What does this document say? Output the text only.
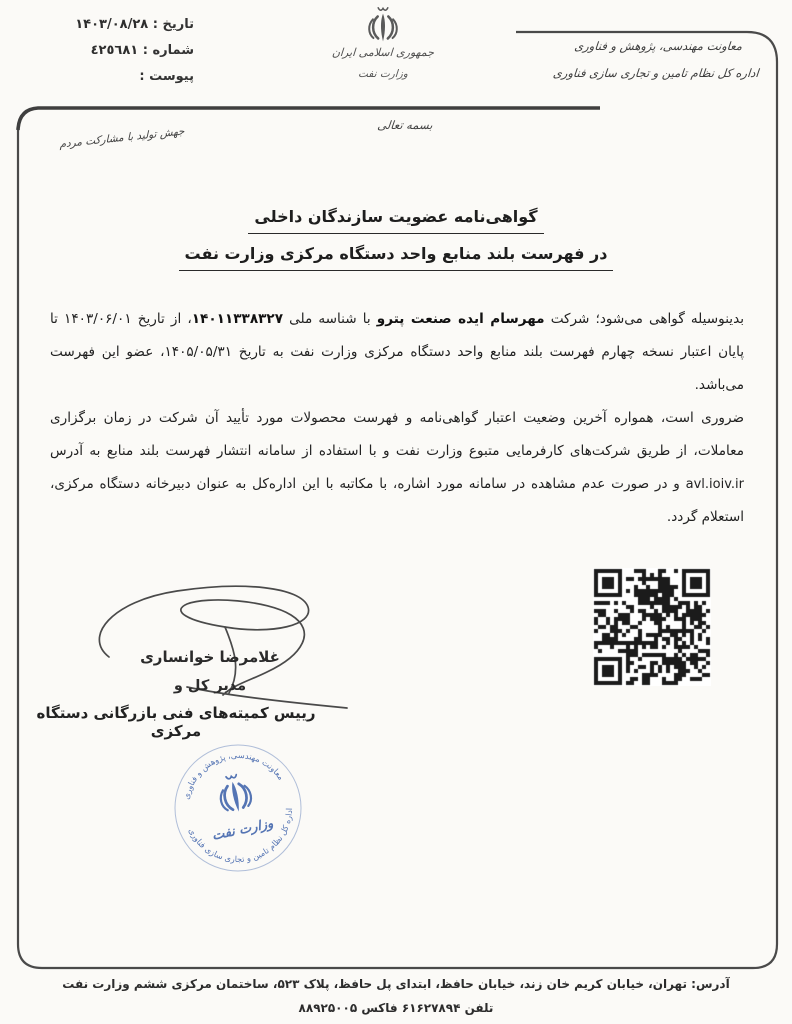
تاریخ : ۱۴۰۳/۰۸/۲۸
شماره : ٤٢٥٦٨١
پیوست :
جمهوری اسلامی ایران
وزارت نفت
معاونت مهندسی، پژوهش و فناوری
اداره کل نظام تامین و تجاری سازی فناوری
بسمه تعالی
جهش تولید با مشارکت مردم
گواهی‌نامه عضویت سازندگان داخلی
در فهرست بلند منابع واحد دستگاه مرکزی وزارت نفت

بدینوسیله گواهی می‌شود؛ شرکت مهرسام ایده صنعت پترو با شناسه ملی ۱۴۰۱۱۳۳۸۳۲۷، از تاریخ ۱۴۰۳/۰۶/۰۱ تا پایان اعتبار نسخه چهارم فهرست بلند منابع واحد دستگاه مرکزی وزارت نفت به تاریخ ۱۴۰۵/۰۵/۳۱، عضو این فهرست می‌باشد.

ضروری است، همواره آخرین وضعیت اعتبار گواهی‌نامه و فهرست محصولات مورد تأیید آن شرکت در زمان برگزاری معاملات، از طریق شرکت‌های کارفرمایی متبوع وزارت نفت و با استفاده از سامانه انتشار فهرست بلند منابع به آدرس avl.ioiv.ir و در صورت عدم مشاهده در سامانه مورد اشاره، با مکاتبه با این اداره‌کل به عنوان دبیرخانه دستگاه مرکزی، استعلام گردد.

غلامرضا خوانساری
مدیر کل و
رییس کمیته‌های فنی بازرگانی دستگاه مرکزی
معاونت مهندسی، پژوهش و فناوری
اداره کل نظام تامین و تجاری سازی فناوری
وزارت نفت
آدرس: تهران، خیابان کریم خان زند، خیابان حافظ، ابتدای پل حافظ، پلاک ۵۲۳، ساختمان مرکزی ششم وزارت نفت
تلفن ۶۱۶۲۷۸۹۴ فاکس ۸۸۹۲۵۰۰۵
